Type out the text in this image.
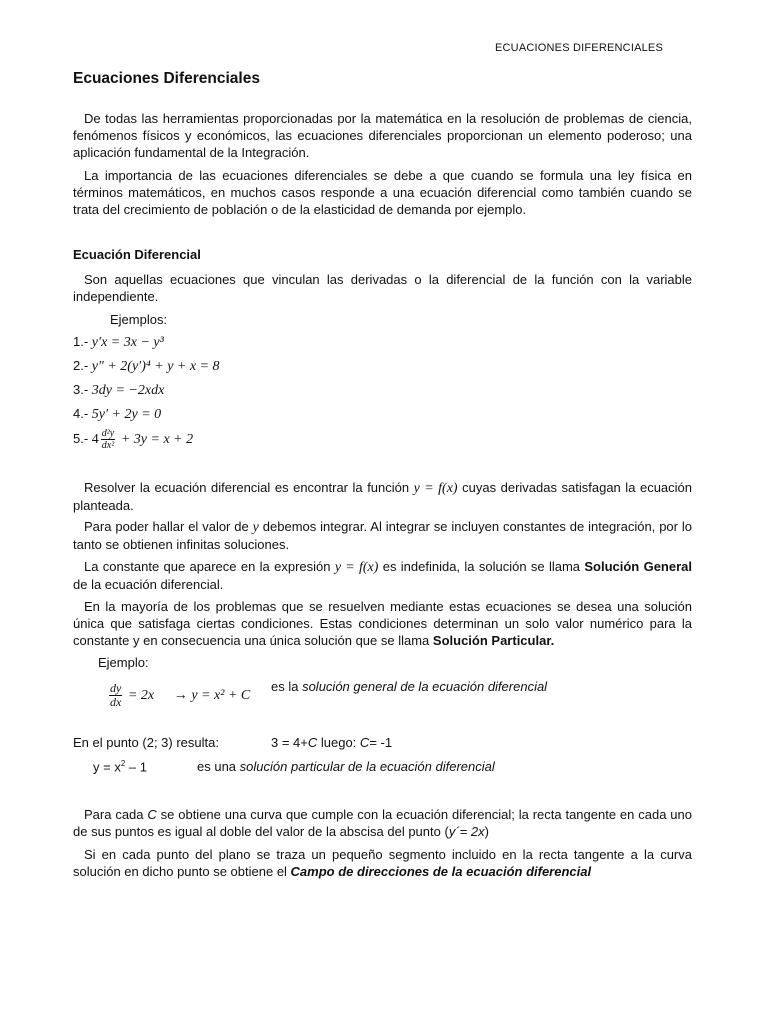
ECUACIONES DIFERENCIALES
Ecuaciones Diferenciales

De todas las herramientas proporcionadas por la matemática en la resolución de problemas de ciencia, fenómenos físicos y económicos, las ecuaciones diferenciales proporcionan un elemento poderoso; una aplicación fundamental de la Integración.

La importancia de las ecuaciones diferenciales se debe a que cuando se formula una ley física en términos matemáticos, en muchos casos responde a una ecuación diferencial como también cuando se trata del crecimiento de población o de la elasticidad de demanda por ejemplo.

Ecuación Diferencial

Son aquellas ecuaciones que vinculan las derivadas o la diferencial de la función con la variable independiente.

Ejemplos:
1.- y′x = 3x − y³
2.- y″ + 2(y′)⁴ + y + x = 8
3.- 3dy = −2xdx
4.- 5y′ + 2y = 0
5.- $4 \frac{\text{d²y}}{\text{dx²}} + 3y = x + 2$

Resolver la ecuación diferencial es encontrar la función y = f(x) cuyas derivadas satisfagan la ecuación planteada.

Para poder hallar el valor de y debemos integrar. Al integrar se incluyen constantes de integración, por lo tanto se obtienen infinitas soluciones.

La constante que aparece en la expresión y = f(x) es indefinida, la solución se llama Solución General de la ecuación diferencial.

En la mayoría de los problemas que se resuelven mediante estas ecuaciones se desea una solución única que satisfaga ciertas condiciones. Estas condiciones determinan un solo valor numérico para la constante y en consecuencia una única solución que se llama Solución Particular.

Ejemplo:
$\frac{dy}{dx} = 2x \to y = x^2 + C$
es la solución general de la ecuación diferencial
En el punto (2; 3) resulta:	3 = 4+C luego: C= -1
$y = x^2 - 1$	es una solución particular de la ecuación diferencial

Para cada C se obtiene una curva que cumple con la ecuación diferencial; la recta tangente en cada uno de sus puntos es igual al doble del valor de la abscisa del punto (y´= 2x)

Si en cada punto del plano se traza un pequeño segmento incluido en la recta tangente a la curva solución en dicho punto se obtiene el Campo de direcciones de la ecuación diferencial
